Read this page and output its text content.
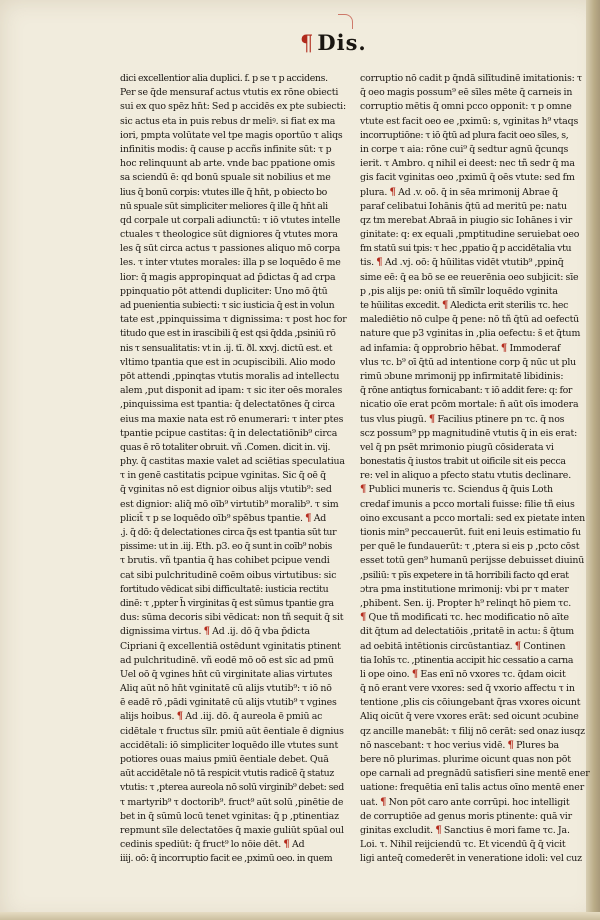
¶ Dis.
dici excellentior alia duplici. f. p se τ p accidens.
Per se q̄de mensuraf actus vtutis ex rōne obiecti
sui ex quo spēz hn̄t: Sed p accidēs ex pte subiecti:
sic actus eta in puis rebus dr meliꝰ. si fiat ex ma
iori, pmpta volūtate vel tpe magis oportūo τ aliqs
infinitis modis: q̄ cause p accñs infinite sūt: τ p
hoc relinquunt ab arte. vnde bac ppatione omis
sa sciendū ē: qd bonū spuale sit nobilius et me
lius q̄ bonū corpis: vtutes ille q̄ hn̄t, p obiecto bo
nū spuale sūt simpliciter meliores q̄ ille q̄ hn̄t ali
qd corpale ut corpali adiunctū: τ iō vtutes intelle
ctuales τ theologice sūt digniores q̄ vtutes mora
les q̄ sūt circa actus τ passiones aliquo mō corpa
les. τ inter vtutes morales: illa p se loquēdo ē me
lior: q̄ magis appropinquat ad p̄dictas q̄ ad crpa
ppinquatio pōt attendi dupliciter: Uno mō q̄tū
ad puenientia subiecti: τ sic iusticia q̄ est in volun
tate est ,ppinquissima τ dignissima: τ post hoc for
titudo que est in irascibili q̄ est qsi q̄dda ,psiniū rō
nis τ sensualitatis: vt in .ij. tī. ðl. xxvj. dictū est. et
vltimo tpantia que est in ɔcupiscibili. Alio modo
pōt attendi ,ppinqtas vtutis moralis ad intellectu
alem ,put disponit ad ipam: τ sic iter oēs morales
,pinquissima est tpantia: q̄ delectatōnes q̄ circa
eius ma maxie nata est rō enumerari: τ inter ptes
tpantie pcipue castitas: q̄ in delectatiōnib⁹ circa
quas ē rō totaliter obruit. vñ .Comen. dicit in. vij.
phy. q̄ castitas maxie valet ad sciētias speculatiua
τ in genē castitatis pcipue vginitas. Sic q̄ oē q̄
q̄ vginitas nō est dignior oibus alijs vtutib⁹: sed
est dignior: aliq̄ mō oīb⁹ virtutib⁹ moralib⁹. τ sim
plicit̄ τ p se loquēdo oīb⁹ spēbus tpantie. ¶ Ad
.j. q̄ dō: q̄ delectationes circa q̄s est tpantia sūt tur
pissime: ut in .iij. Eth. p3. eo q̄ sunt in coīb⁹ nobis
τ brutis. vñ tpantia q̄ has cohibet pcipue vendi
cat sibi pulchritudinē coēm oibus virtutibus: sic
fortitudo vēdicat sibi difficultatē: iusticia rectitu
dinē: τ ,ppter h̄ virginitas q̄ est sūmus tpantie gra
dus: sūma decoris sibi vēdicat: non tñ sequit q̄ sit
dignissima virtus. ¶ Ad .ij. dō q̄ vba p̄dicta
Cipriani q̄ excellentiā ostēdunt vginitatis ptinent
ad pulchritudinē. vñ eodē mō oō est sīc ad pmū
Uel oō q̄ vgines hn̄t cū virginitate alias virtutes
Aliq aūt nō hn̄t vginitatē cū alijs vtutib⁹: τ iō nō
ē eadē rō ,pādi vginitatē cū alijs vtutib⁹ τ vgines
alijs hoibus. ¶ Ad .iij. dō. q̄ aureola ē pmiū ac
cidētale τ fructus sīlr. pmiū aūt ēentiale ē dignius
accidētali: iō simpliciter loquēdo ille vtutes sunt
potiores ouas maius pmiū ēentiale debet. Quā
aūt accidētale nō tā respicit vtutis radicē q̄ statuz
vtutis: τ ,pterea aureola nō solū virginib⁹ debet: sed
τ martyrib⁹ τ doctorib⁹. fruct⁹ aūt solū ,pinētie de
bet in q̄ sūmū locū tenet vginitas: q̄ p ,ptinentiaz
repmunt sīle delectatōes q̄ maxie guliūt spūal oul
cedinis spediūt: q̄ fruct⁹ lo nōie dēt. ¶ Ad
iiij. oō: q̄ incorruptio facit ee ,pximū oeo. in quem
corruptio nō cadit p q̄ndā silītudinē imitationis: τ
q̄ oeo magis possum⁹ eē sīles mēte q̄ carneis in
corruptio mētis q̄ omni pcco opponit: τ p omne
vtute est facit oeo ee ,pximū: s, vginitas h⁹ vtaqs
incorruptiōne: τ iō q̄tū ad plura facit oeo sīles, s,
in corpe τ aia: rōne cui⁹ q̄ sedtur agnū q̄cunqs
ierit. τ Ambro. q nihil ei deest: nec tñ sedr q̄ ma
gis facit vginitas oeo ,pximū q̄ oēs vtute: sed fm
plura. ¶ Ad .v. oō. q̄ in sēa mrimonij Abrae q̄
paraf celibatui Iohānis q̄tū ad meritū pe: natu
qz tm merebat Abraā in piugio sic Iohānes i vir
ginitate: q: ex equali ,pmptitudine seruiebat oeo
fm statū sui tpis: τ hec ,ppatio q̄ p accidētalia vtu
tis. ¶ Ad .vj. oō: q̄ hūilitas vidēt vtutib⁹ ,ppinq̄
sime eē: q̄ ea bō se ee reuerēnia oeo subjicit: sīe
p ,pis alijs pe: oniū tñ sīmīlr loquēdo vginita
te hūilitas excedit. ¶ Aledicta erit sterilis τc. hec
malediētio nō culpe q̄ pene: nō tñ q̄tū ad oefectū
nature que p3 vginitas in ,plia oefectu: s̄ et q̄tum
ad infamia: q̄ opprobrio hēbat. ¶ Immoderaf
vlus τc. b⁹ oī q̄tū ad intentione corp q̄ nūc ut plu
rimū ɔbune mrimonij pp infirmitatē libidinis:
q̄ rōne antiqtus fornicabant: τ iō addit fere: q: for
nicatio oīe erat pcōm mortale: n̄ aūt oīs imodera
tus vlus piugū. ¶ Facilius ptinere pn τc. q̄ nos
scz possum⁹ pp magnitudinē vtutis q̄ in eis erat:
vel q̄ pn psēt mrimonio piugū cōsiderata vi
bonestatis q̄ iustos trabit ut oificile sit eis pecca
re: vel in aliquo a pfecto statu vtutis declinare.
¶ Publici muneris τc. Sciendus q̄ q̄uis Loth
credaf imunis a pcco mortali fuisse: filie tñ eius
oino excusant a pcco mortali: sed ex pietate inten
tionis min⁹ peccauerūt. fuit eni leuis estimatio fu
per quē le fundauerūt: τ ,ptera si eis p ,pcto cōst
esset totū gen⁹ humanū perijsse debuisset diuinū
,psiliū: τ pīs expetere in tā horribili facto qd erat
ɔtra pma institutione mrimonij: vbi pr τ mater
,phibent. Sen. ij. Propter h⁹ relinqt hō piem τc.
¶ Que tñ modificati τc. hec modificatio nō aīte
dit q̄tum ad delectatiōis ,pritatē in actu: s̄ q̄tum
ad oebitā intētionis circūstantiaz. ¶ Continen
tia Iohīs τc. ,ptinentia accipit hic cessatio a carna
li ope oino. ¶ Eas enī nō vxores τc. q̄dam oicit
q̄ nō erant vere vxores: sed q̄ vxorio affectu τ in
tentione ,plis cis cōiungebant q̄ras vxores oicunt
Aliq oicūt q̄ vere vxores erāt: sed oicunt ɔcubine
qz ancille manebāt: τ filij nō cerāt: sed onaz iusqz
nō nascebant: τ hoc verius vidē. ¶ Plures ba
bere nō plurimas. plurime oicunt quas non pōt
ope carnali ad pregnādū satisfieri sine mentē ener
uatione: frequētia enī talis actus oīno mentē ener
uat. ¶ Non pōt caro ante corrūpi. hoc intelligit
de corruptiōe ad genus moris ptinente: quā vir
ginitas excludit. ¶ Sanctius ē mori fame τc. Ja.
Loi. τ. Nihil reijciendū τc. Et vicendū q̄ q̄ vicit
ligi anteq̄ comederēt in veneratione idoli: vel cuz
